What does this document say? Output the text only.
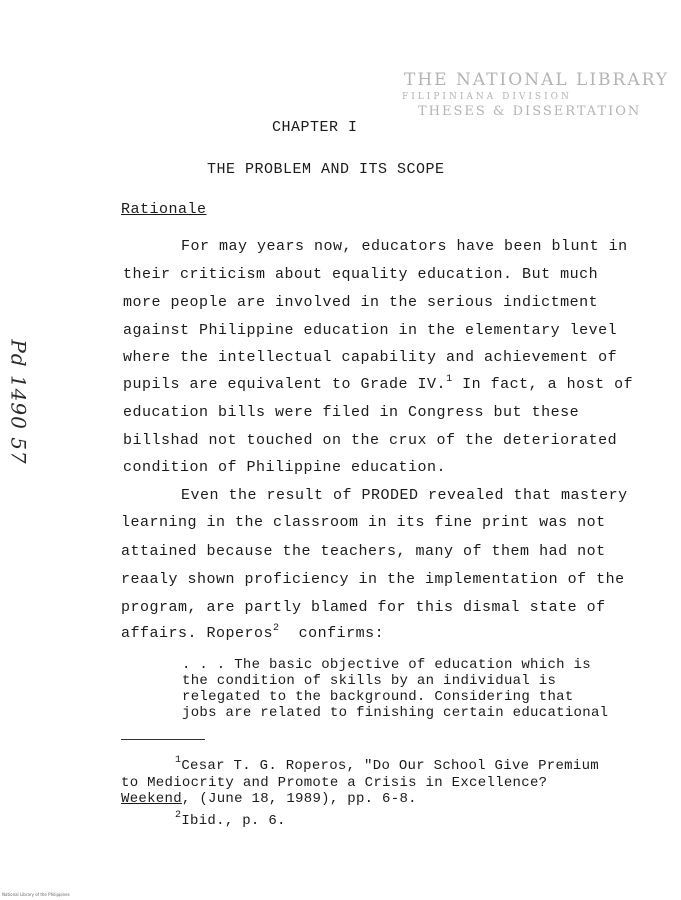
THE NATIONAL LIBRARY
FILIPINIANA DIVISION
THESES & DISSERTATION
Pd 1490 57
CHAPTER I
THE PROBLEM AND ITS SCOPE
Rationale
For may years now, educators have been blunt in
their criticism about equality education. But much
more people are involved in the serious indictment
against Philippine education in the elementary level
where the intellectual capability and achievement of
pupils are equivalent to Grade IV.$^1$ In fact, a host of
education bills were filed in Congress but these
billshad not touched on the crux of the deteriorated
condition of Philippine education.
Even the result of PRODED revealed that mastery
learning in the classroom in its fine print was not
attained because the teachers, many of them had not
reaaly shown proficiency in the implementation of the
program, are partly blamed for this dismal state of
affairs. Roperos$^2$ confirms:
. . . The basic objective of education which is
the condition of skills by an individual is
relegated to the background. Considering that
jobs are related to finishing certain educational
$^1$Cesar T. G. Roperos, "Do Our School Give Premium
to Mediocrity and Promote a Crisis in Excellence?
Weekend, (June 18, 1989), pp. 6-8.
$^2$Ibid., p. 6.
National Library of the Philippines
